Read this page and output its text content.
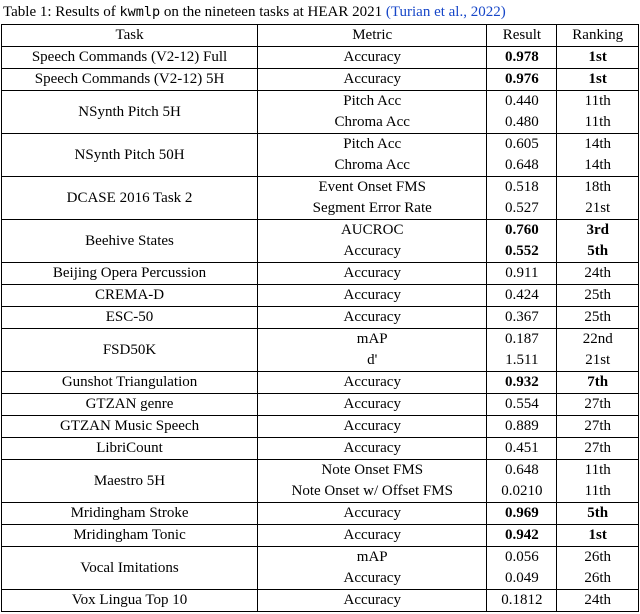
Table 1: Results of kwmlp on the nineteen tasks at HEAR 2021 (Turian et al., 2022)
Task	Metric	Result	Ranking
Speech Commands (V2-12) Full	Accuracy	0.978	1st
Speech Commands (V2-12) 5H	Accuracy	0.976	1st
NSynth Pitch 5H	Pitch Acc	0.440	11th
	Chroma Acc	0.480	11th
NSynth Pitch 50H	Pitch Acc	0.605	14th
	Chroma Acc	0.648	14th
DCASE 2016 Task 2	Event Onset FMS	0.518	18th
	Segment Error Rate	0.527	21st
Beehive States	AUCROC	0.760	3rd
	Accuracy	0.552	5th
Beijing Opera Percussion	Accuracy	0.911	24th
CREMA-D	Accuracy	0.424	25th
ESC-50	Accuracy	0.367	25th
FSD50K	mAP	0.187	22nd
	d'	1.511	21st
Gunshot Triangulation	Accuracy	0.932	7th
GTZAN genre	Accuracy	0.554	27th
GTZAN Music Speech	Accuracy	0.889	27th
LibriCount	Accuracy	0.451	27th
Maestro 5H	Note Onset FMS	0.648	11th
	Note Onset w/ Offset FMS	0.0210	11th
Mridingham Stroke	Accuracy	0.969	5th
Mridingham Tonic	Accuracy	0.942	1st
Vocal Imitations	mAP	0.056	26th
	Accuracy	0.049	26th
Vox Lingua Top 10	Accuracy	0.1812	24th
